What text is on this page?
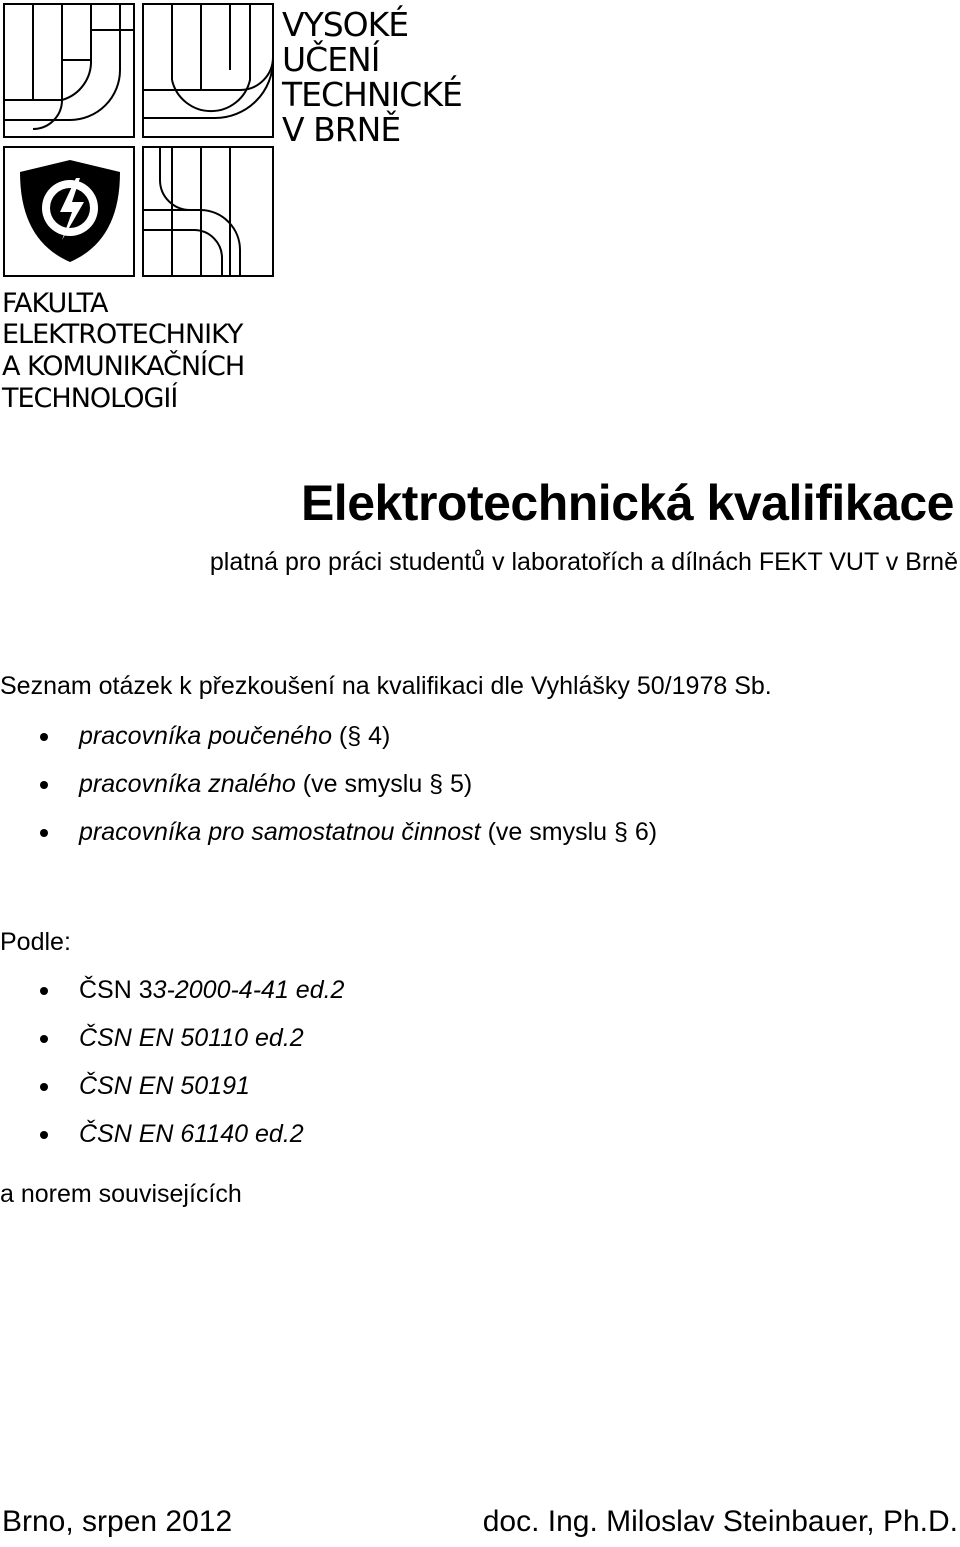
VYSOKÉ
UČENÍ
TECHNICKÉ
V BRNĚ
FAKULTA
ELEKTROTECHNIKY
A KOMUNIKAČNÍCH
TECHNOLOGIÍ
Elektrotechnická kvalifikace

platná pro práci studentů v laboratořích a dílnách FEKT VUT v Brně

Seznam otázek k přezkoušení na kvalifikaci dle Vyhlášky 50/1978 Sb.
pracovníka poučeného (§ 4)
pracovníka znalého (ve smyslu § 5)
pracovníka pro samostatnou činnost (ve smyslu § 6)
Podle:
ČSN 33-2000-4-41 ed.2
ČSN EN 50110 ed.2
ČSN EN 50191
ČSN EN 61140 ed.2
a norem souvisejících
Brno, srpen 2012	doc. Ing. Miloslav Steinbauer, Ph.D.
